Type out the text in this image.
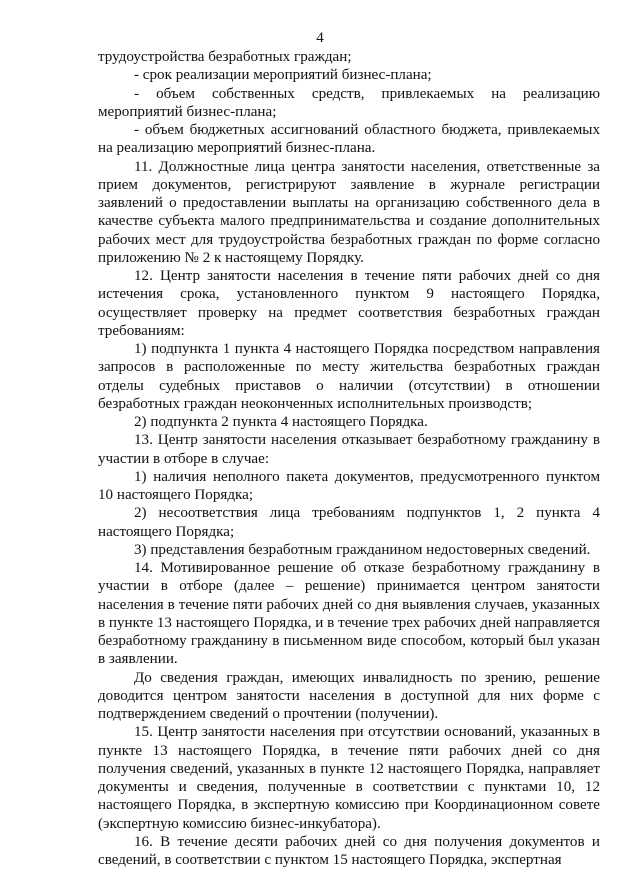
4

трудоустройства безработных граждан;

- срок реализации мероприятий бизнес-плана;

- объем собственных средств, привлекаемых на реализацию мероприятий бизнес-плана;

- объем бюджетных ассигнований областного бюджета, привлекаемых на реализацию мероприятий бизнес-плана.

11. Должностные лица центра занятости населения, ответственные за прием документов, регистрируют заявление в журнале регистрации заявлений о предоставлении выплаты на организацию собственного дела в качестве субъекта малого предпринимательства и создание дополнительных рабочих мест для трудоустройства безработных граждан по форме согласно приложению № 2 к настоящему Порядку.

12. Центр занятости населения в течение пяти рабочих дней со дня истечения срока, установленного пунктом 9 настоящего Порядка, осуществляет проверку на предмет соответствия безработных граждан требованиям:

1) подпункта 1 пункта 4 настоящего Порядка посредством направления запросов в расположенные по месту жительства безработных граждан отделы судебных приставов о наличии (отсутствии) в отношении безработных граждан неоконченных исполнительных производств;

2) подпункта 2 пункта 4 настоящего Порядка.

13. Центр занятости населения отказывает безработному гражданину в участии в отборе в случае:

1) наличия неполного пакета документов, предусмотренного пунктом 10 настоящего Порядка;

2) несоответствия лица требованиям подпунктов 1, 2 пункта 4 настоящего Порядка;

3) представления безработным гражданином недостоверных сведений.

14. Мотивированное решение об отказе безработному гражданину в участии в отборе (далее – решение) принимается центром занятости населения в течение пяти рабочих дней со дня выявления случаев, указанных в пункте 13 настоящего Порядка, и в течение трех рабочих дней направляется безработному гражданину в письменном виде способом, который был указан в заявлении.

До сведения граждан, имеющих инвалидность по зрению, решение доводится центром занятости населения в доступной для них форме с подтверждением сведений о прочтении (получении).

15. Центр занятости населения при отсутствии оснований, указанных в пункте 13 настоящего Порядка, в течение пяти рабочих дней со дня получения сведений, указанных в пункте 12 настоящего Порядка, направляет документы и сведения, полученные в соответствии с пунктами 10, 12 настоящего Порядка, в экспертную комиссию при Координационном совете (экспертную комиссию бизнес-инкубатора).

16. В течение десяти рабочих дней со дня получения документов и сведений, в соответствии с пунктом 15 настоящего Порядка, экспертная
